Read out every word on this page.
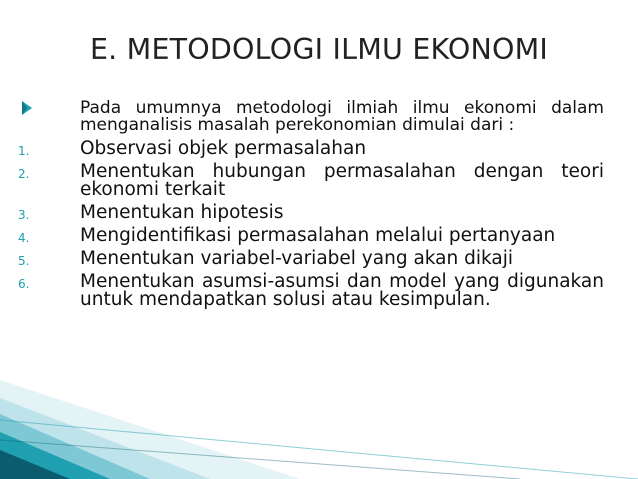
E. METODOLOGI ILMU EKONOMI
Pada umumnya metodologi ilmiah ilmu ekonomi dalam menganalisis masalah perekonomian dimulai dari :
1.	Observasi objek permasalahan
2.	Menentukan hubungan permasalahan dengan teori ekonomi terkait
3.	Menentukan hipotesis
4.	Mengidentifikasi permasalahan melalui pertanyaan
5.	Menentukan variabel-variabel yang akan dikaji
6.	Menentukan asumsi-asumsi dan model yang digunakan untuk mendapatkan solusi atau kesimpulan.
